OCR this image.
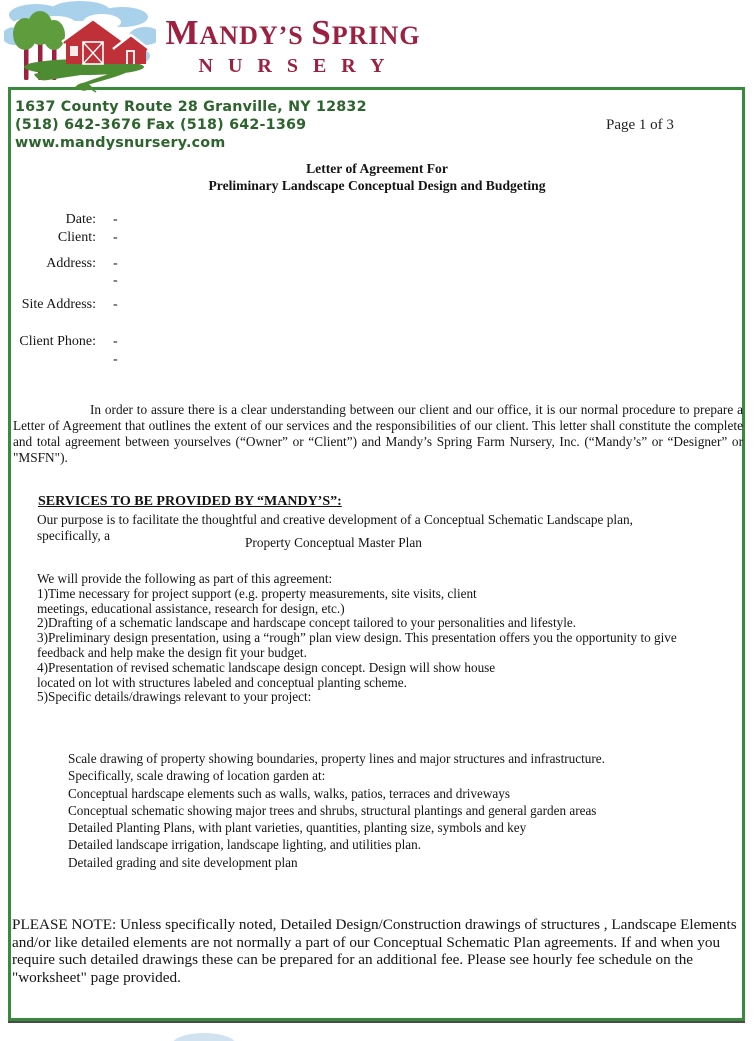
MANDY’S SPRING
NURSERY
1637 County Route 28 Granville, NY 12832
(518) 642-3676 Fax (518) 642-1369
www.mandysnursery.com
Page 1 of 3
Letter of Agreement For
Preliminary Landscape Conceptual Design and Budgeting
Date: -
Client: -
Address: -
-
Site Address: -
Client Phone: -
-
In order to assure there is a clear understanding between our client and our office, it is our normal procedure to prepare a Letter of Agreement that outlines the extent of our services and the responsibilities of our client. This letter shall constitute the complete and total agreement between yourselves (“Owner” or “Client”) and Mandy’s Spring Farm Nursery, Inc. (“Mandy’s” or “Designer” or "MSFN").
SERVICES TO BE PROVIDED BY “MANDY’S”:
Our purpose is to facilitate the thoughtful and creative development of a Conceptual Schematic Landscape plan,
specifically, a	Property Conceptual Master Plan
We will provide the following as part of this agreement:
1)Time necessary for project support (e.g. property measurements, site visits, client
meetings, educational assistance, research for design, etc.)
2)Drafting of a schematic landscape and hardscape concept tailored to your personalities and lifestyle.
3)Preliminary design presentation, using a “rough” plan view design. This presentation offers you the opportunity to give
feedback and help make the design fit your budget.
4)Presentation of revised schematic landscape design concept. Design will show house
located on lot with structures labeled and conceptual planting scheme.
5)Specific details/drawings relevant to your project:
Scale drawing of property showing boundaries, property lines and major structures and infrastructure.
Specifically, scale drawing of location garden at:
Conceptual hardscape elements such as walls, walks, patios, terraces and driveways
Conceptual schematic showing major trees and shrubs, structural plantings and general garden areas
Detailed Planting Plans, with plant varieties, quantities, planting size, symbols and key
Detailed landscape irrigation, landscape lighting, and utilities plan.
Detailed grading and site development plan
PLEASE NOTE: Unless specifically noted, Detailed Design/Construction drawings of structures , Landscape Elements and/or like detailed elements are not normally a part of our Conceptual Schematic Plan agreements. If and when you require such detailed drawings these can be prepared for an additional fee. Please see hourly fee schedule on the "worksheet" page provided.
